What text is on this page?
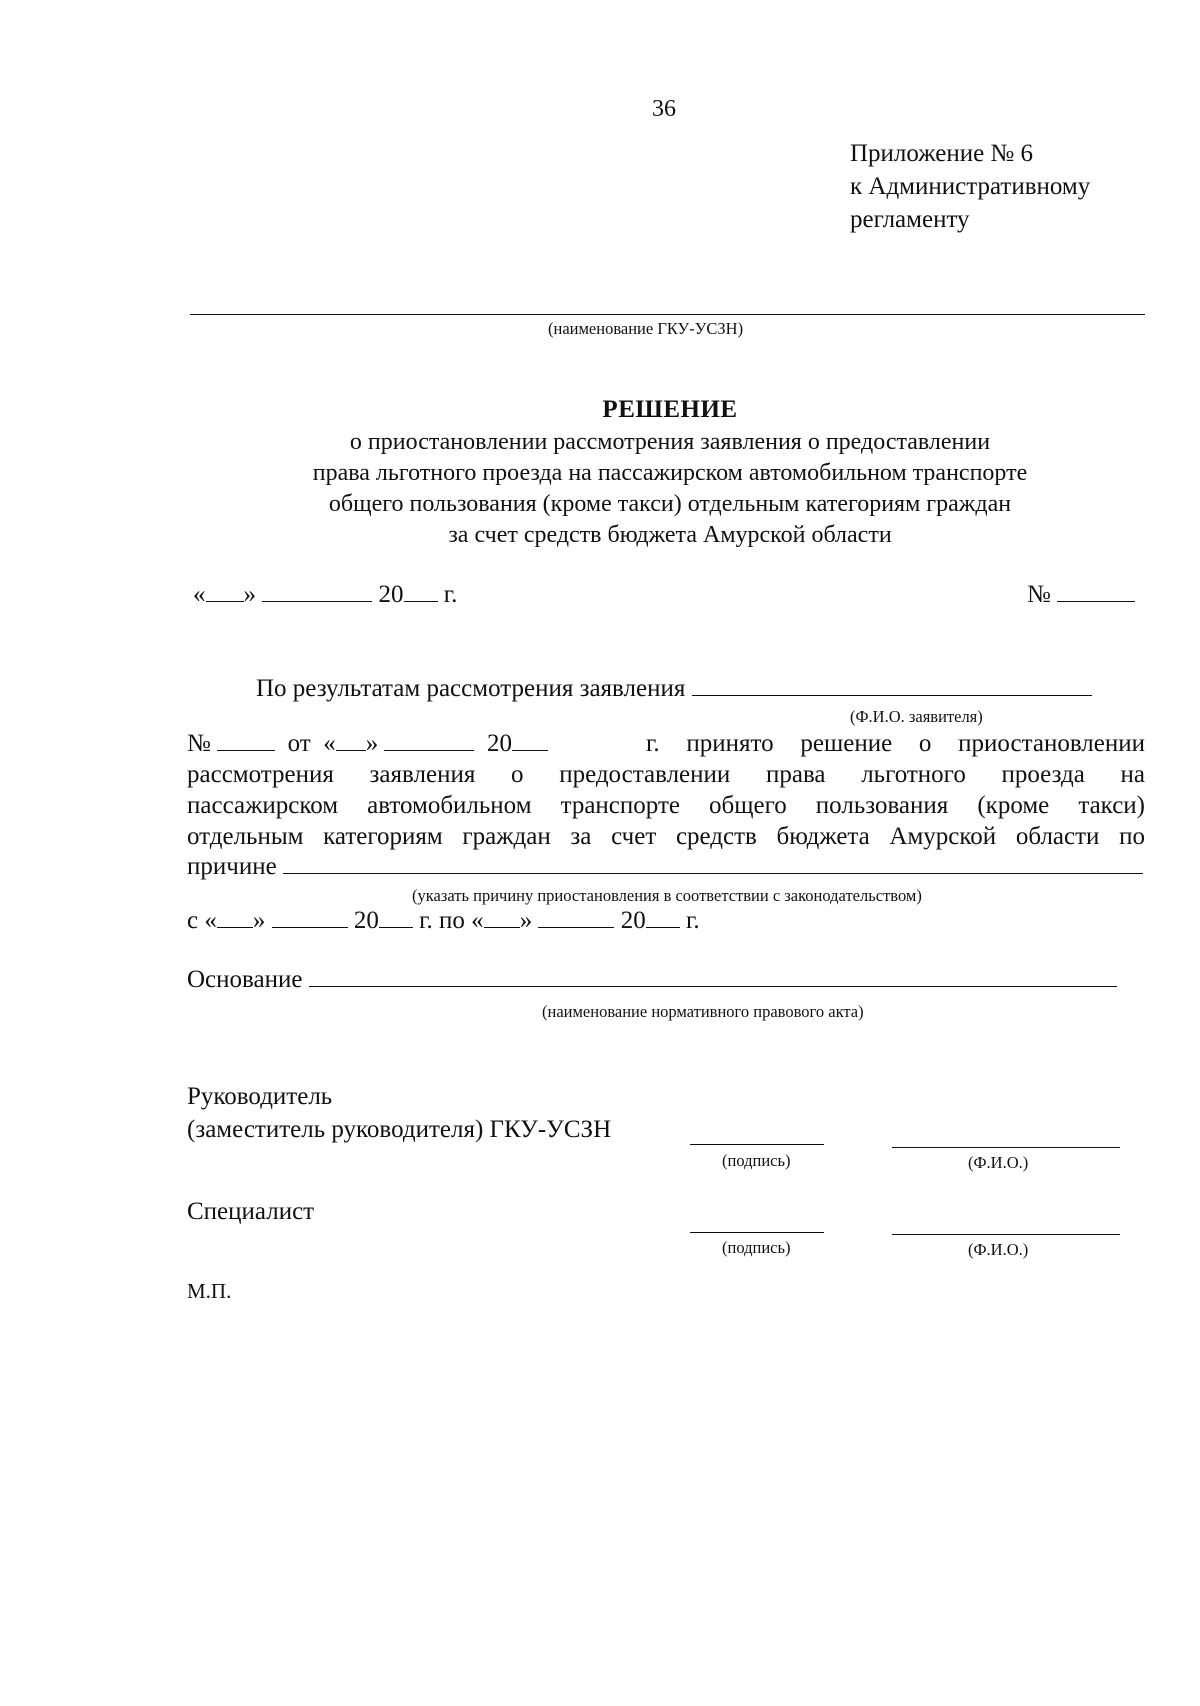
36
Приложение № 6
к Административному
регламенту
(наименование ГКУ-УСЗН)
РЕШЕНИЕ
о приостановлении рассмотрения заявления о предоставлении
права льготного проезда на пассажирском автомобильном транспорте
общего пользования (кроме такси) отдельным категориям граждан
за счет средств бюджета Амурской области
« »	20 г.	№
По результатам рассмотрения заявления
(Ф.И.О. заявителя)
№	от « »	20	г. принято решение о приостановлении
рассмотрения заявления о предоставлении права льготного проезда на
пассажирском автомобильном транспорте общего пользования (кроме такси)
отдельным категориям граждан за счет средств бюджета Амурской области по
причине
(указать причину приостановления в соответствии с законодательством)
с « »	20 г. по « »	20 г.
Основание
(наименование нормативного правового акта)
Руководитель
(заместитель руководителя) ГКУ-УСЗН
(подпись)	(Ф.И.О.)
Специалист
(подпись)	(Ф.И.О.)
М.П.
